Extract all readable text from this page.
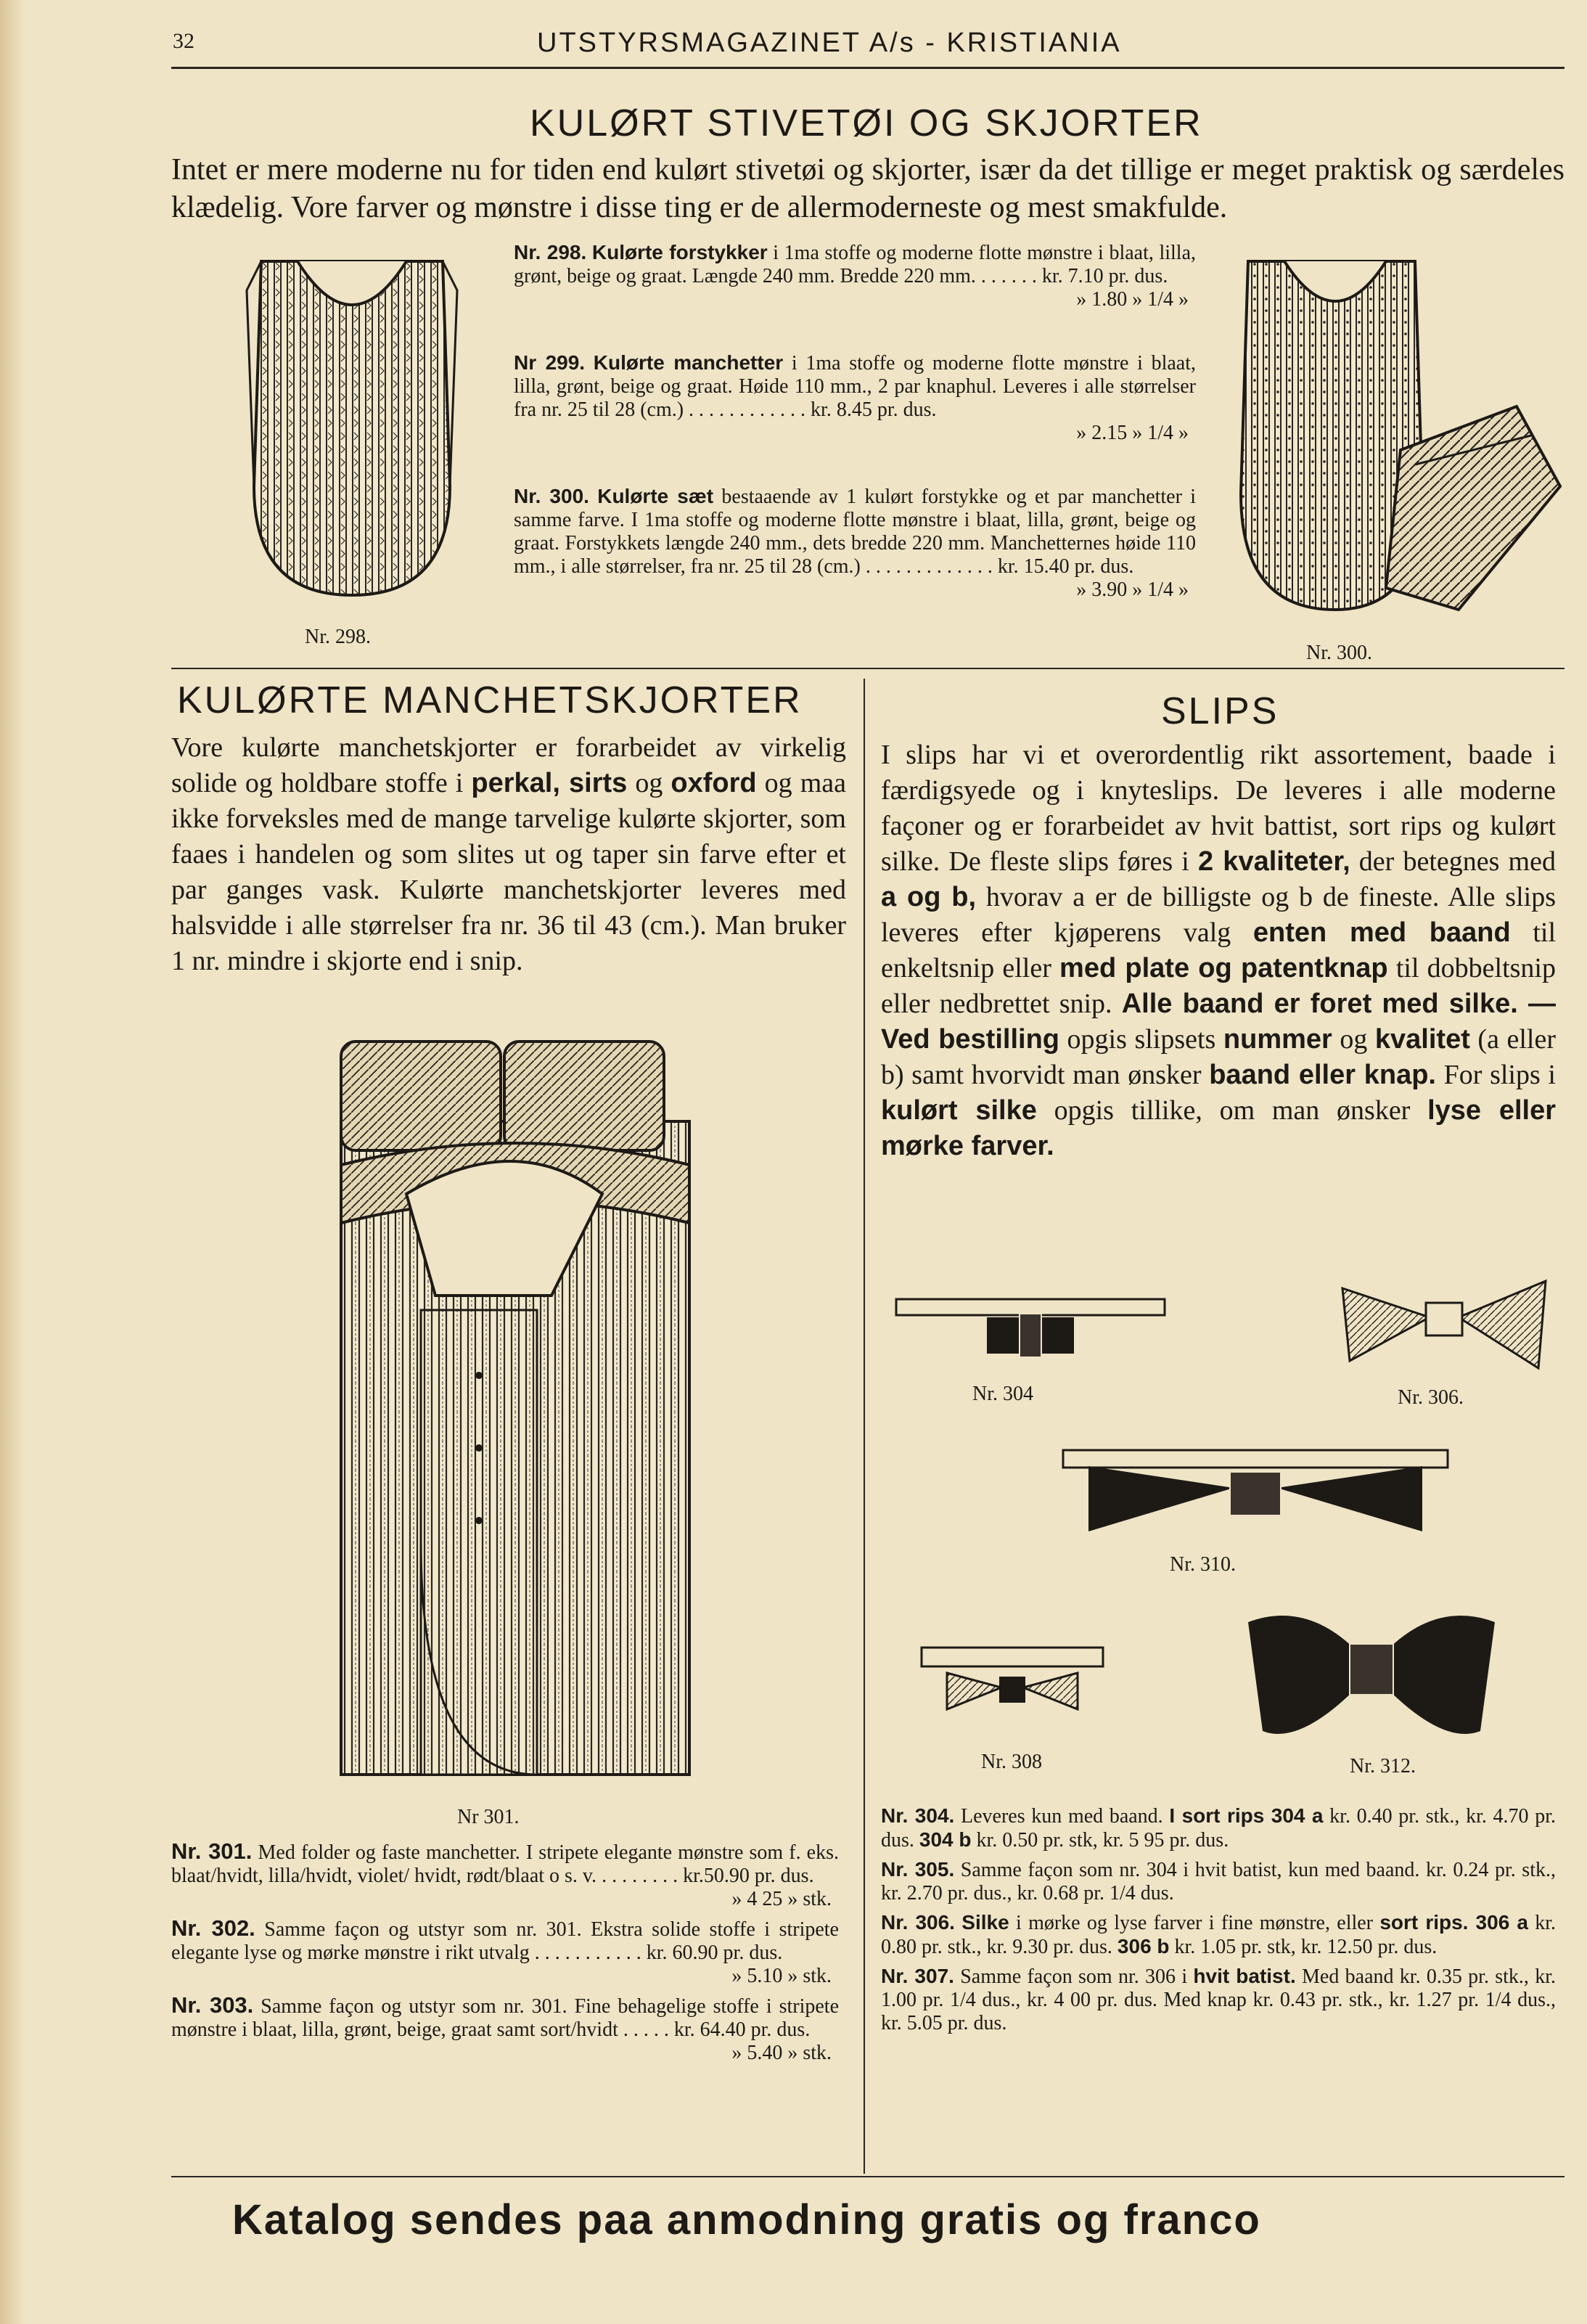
32	UTSTYRSMAGAZINET A/s - KRISTIANIA
KULØRT STIVETØI OG SKJORTER
Intet er mere moderne nu for tiden end kulørt stivetøi og skjorter, især da det tillige er meget praktisk og særdeles klædelig. Vore farver og mønstre i disse ting er de allermoderneste og mest smakfulde.
Nr. 298.
Nr. 298. Kulørte forstykker i 1ma stoffe og moderne flotte mønstre i blaat, lilla, grønt, beige og graat. Længde 240 mm. Bredde 220 mm. . . . . . . kr. 7.10 pr. dus.
» 1.80 » 1/4 »
Nr 299. Kulørte manchetter i 1ma stoffe og moderne flotte mønstre i blaat, lilla, grønt, beige og graat. Høide 110 mm., 2 par knaphul. Leveres i alle størrelser fra nr. 25 til 28 (cm.) . . . . . . . . . . . . kr. 8.45 pr. dus.
» 2.15 » 1/4 »
Nr. 300. Kulørte sæt bestaaende av 1 kulørt forstykke og et par manchetter i samme farve. I 1ma stoffe og moderne flotte mønstre i blaat, lilla, grønt, beige og graat. Forstykkets længde 240 mm., dets bredde 220 mm. Manchetternes høide 110 mm., i alle størrelser, fra nr. 25 til 28 (cm.) . . . . . . . . . . . . . kr. 15.40 pr. dus.
» 3.90 » 1/4 »
Nr. 300.
KULØRTE MANCHETSKJORTER
Vore kulørte manchetskjorter er forarbeidet av virkelig solide og holdbare stoffe i perkal, sirts og oxford og maa ikke forveksles med de mange tarvelige kulørte skjorter, som faaes i handelen og som slites ut og taper sin farve efter et par ganges vask. Kulørte manchetskjorter leveres med halsvidde i alle størrelser fra nr. 36 til 43 (cm.). Man bruker 1 nr. mindre i skjorte end i snip.
Nr 301.
Nr. 301. Med folder og faste manchetter. I stripete elegante mønstre som f. eks. blaat/hvidt, lilla/hvidt, violet/ hvidt, rødt/blaat o s. v. . . . . . . . . kr.50.90 pr. dus.
» 4 25 » stk.
Nr. 302. Samme façon og utstyr som nr. 301. Ekstra solide stoffe i stripete elegante lyse og mørke mønstre i rikt utvalg . . . . . . . . . . . kr. 60.90 pr. dus.
» 5.10 » stk.
Nr. 303. Samme façon og utstyr som nr. 301. Fine behagelige stoffe i stripete mønstre i blaat, lilla, grønt, beige, graat samt sort/hvidt . . . . . kr. 64.40 pr. dus.
» 5.40 » stk.
SLIPS
I slips har vi et overordentlig rikt assortement, baade i færdigsyede og i knyteslips. De leveres i alle moderne façoner og er forarbeidet av hvit battist, sort rips og kulørt silke. De fleste slips føres i 2 kvaliteter, der betegnes med a og b, hvorav a er de billigste og b de fineste. Alle slips leveres efter kjøperens valg enten med baand til enkeltsnip eller med plate og patentknap til dobbeltsnip eller nedbrettet snip. Alle baand er foret med silke. — Ved bestilling opgis slipsets nummer og kvalitet (a eller b) samt hvorvidt man ønsker baand eller knap. For slips i kulørt silke opgis tillike, om man ønsker lyse eller mørke farver.
Nr. 304	Nr. 306.
Nr. 310.
Nr. 308	Nr. 312.
Nr. 304. Leveres kun med baand. I sort rips 304 a kr. 0.40 pr. stk., kr. 4.70 pr. dus. 304 b kr. 0.50 pr. stk, kr. 5 95 pr. dus.
Nr. 305. Samme façon som nr. 304 i hvit batist, kun med baand. kr. 0.24 pr. stk., kr. 2.70 pr. dus., kr. 0.68 pr. 1/4 dus.
Nr. 306. Silke i mørke og lyse farver i fine mønstre, eller sort rips. 306 a kr. 0.80 pr. stk., kr. 9.30 pr. dus. 306 b kr. 1.05 pr. stk, kr. 12.50 pr. dus.
Nr. 307. Samme façon som nr. 306 i hvit batist. Med baand kr. 0.35 pr. stk., kr. 1.00 pr. 1/4 dus., kr. 4 00 pr. dus. Med knap kr. 0.43 pr. stk., kr. 1.27 pr. 1/4 dus., kr. 5.05 pr. dus.
Katalog sendes paa anmodning gratis og franco
